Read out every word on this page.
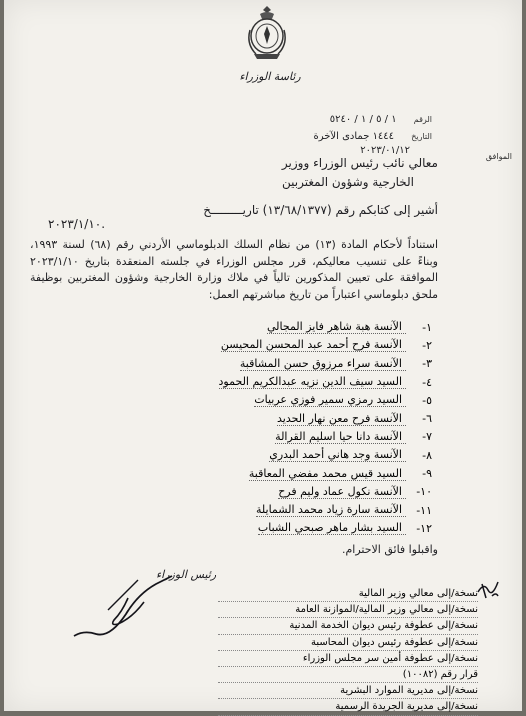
رئاسة الوزراء
الرقم ١ / ٥ / ١ / ٥٢٤٠
التاريخ ١٤٤٤ جمادى الآخرة
٢٠٢٣/٠١/١٢
الموافق
معالي نائب رئيس الوزراء ووزير
الخارجية وشؤون المغتربين
أشير إلى كتابكم رقم (١٣/٦٨/١٣٧٧) تاريـــــــــخ
٢٠٢٣/١/١٠.
استناداً لأحكام المادة (١٣) من نظام السلك الدبلوماسي الأردني رقم (٦٨) لسنة ١٩٩٣، وبناءً على تنسيب معاليكم، قرر مجلس الوزراء في جلسته المنعقدة بتاريخ ٢٠٢٣/١/١٠ الموافقة على تعيين المذكورين تالياً في ملاك وزارة الخارجية وشؤون المغتربين بوظيفة ملحق دبلوماسي اعتباراً من تاريخ مباشرتهم العمل:
-١
الآنسة هبة شاهر فايز المجالي
-٢
الآنسة فرح أحمد عبد المحسن المحيسن
-٣
الآنسة سراء مرزوق حسن المشاقبة
-٤
السيد سيف الدين نزيه عبدالكريم الحمود
-٥
السيد رمزي سمير فوزي عربيات
-٦
الآنسة فرح معن نهار الحديد
-٧
الآنسة دانا حيا اسليم القرالة
-٨
الآنسة وجد هاني أحمد البدري
-٩
السيد قيس محمد مفضي المعاقبة
-١٠
الآنسة نكول عماد وليم فرح
-١١
الآنسة سارة زياد محمد الشمايلة
-١٢
السيد بشار ماهر صبحي الشباب
واقبلوا فائق الاحترام.
رئيس الوزراء
نسخة/إلى معالي وزير المالية
نسخة/إلى معالي وزير المالية/الموازنة العامة
نسخة/إلى عطوفة رئيس ديوان الخدمة المدنية
نسخة/إلى عطوفة رئيس ديوان المحاسبة
نسخة/إلى عطوفة أمين سر مجلس الوزراء
قرار رقم (١٠٠٨٢)
نسخة/إلى مديرية الموارد البشرية
نسخة/إلى مديرية الجريدة الرسمية
